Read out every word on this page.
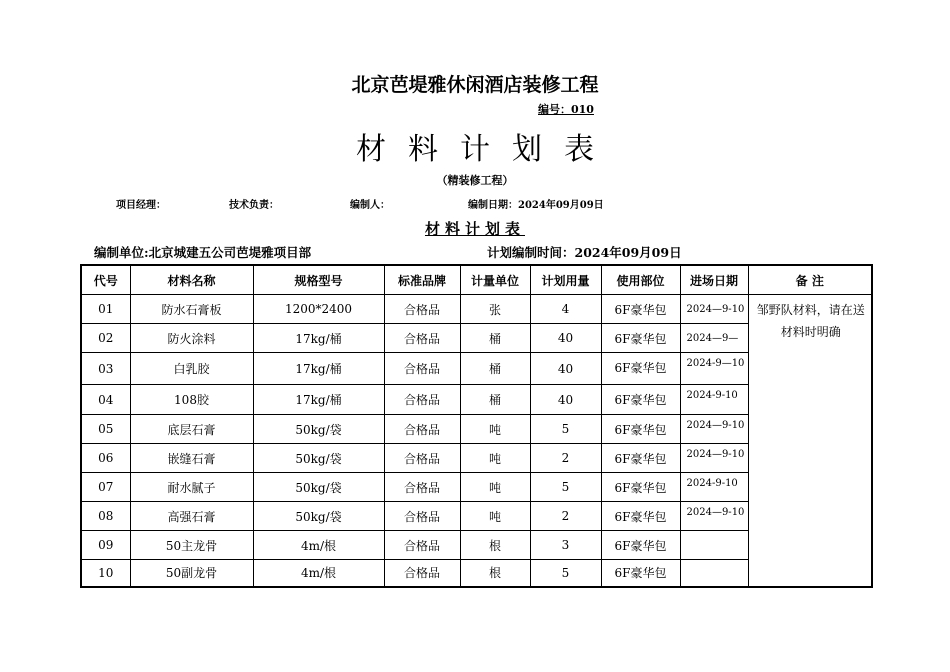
北京芭堤雅休闲酒店装修工程
编号：010
材料计划表
（精装修工程）
项目经理：	技术负责：	编制人：	编制日期：2024年09月09日
材料计划表
编制单位:北京城建五公司芭堤雅项目部	计划编制时间：2024年09月09日
代号	材料名称	规格型号	标准品牌	计量单位	计划用量	使用部位	进场日期	备 注
01	防水石膏板	1200*2400	合格品	张	4	6F豪华包	2024—9-10	邹野队材料，请在送材料时明确
02	防火涂料	17kg/桶	合格品	桶	40	6F豪华包	2024—9—	
03	白乳胶	17kg/桶	合格品	桶	40	6F豪华包	2024-9—10	
04	108胶	17kg/桶	合格品	桶	40	6F豪华包	2024-9-10	
05	底层石膏	50kg/袋	合格品	吨	5	6F豪华包	2024—9-10	
06	嵌缝石膏	50kg/袋	合格品	吨	2	6F豪华包	2024—9-10	
07	耐水腻子	50kg/袋	合格品	吨	5	6F豪华包	2024-9-10	
08	高强石膏	50kg/袋	合格品	吨	2	6F豪华包	2024—9-10	
09	50主龙骨	4m/根	合格品	根	3	6F豪华包		
10	50副龙骨	4m/根	合格品	根	5	6F豪华包		
